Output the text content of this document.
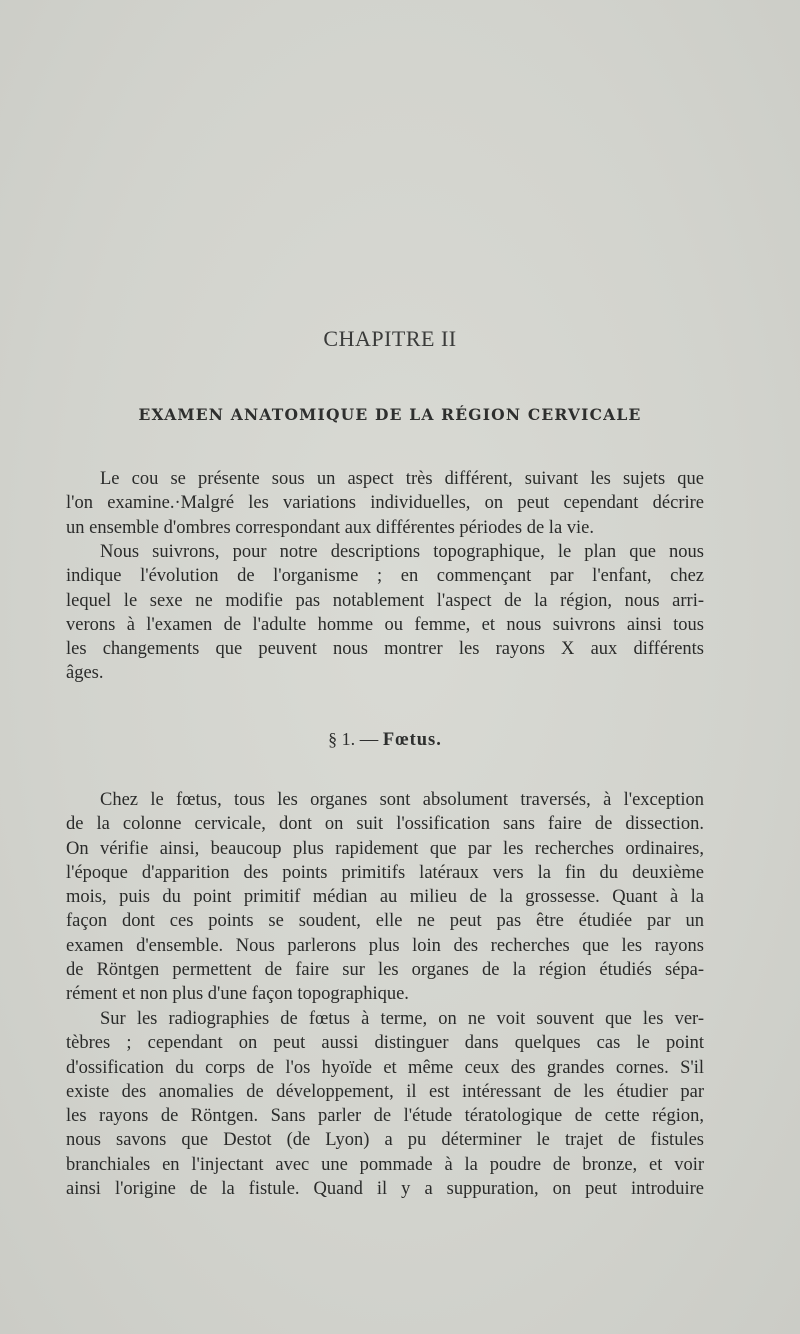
CHAPITRE II
EXAMEN ANATOMIQUE DE LA RÉGION CERVICALE
Le cou se présente sous un aspect très différent, suivant les sujets que
l'on examine.·Malgré les variations individuelles, on peut cependant décrire
un ensemble d'ombres correspondant aux différentes périodes de la vie.
Nous suivrons, pour notre descriptions topographique, le plan que nous
indique l'évolution de l'organisme ; en commençant par l'enfant, chez
lequel le sexe ne modifie pas notablement l'aspect de la région, nous arri-
verons à l'examen de l'adulte homme ou femme, et nous suivrons ainsi tous
les changements que peuvent nous montrer les rayons X aux différents
âges.
§ 1. — Fœtus.
Chez le fœtus, tous les organes sont absolument traversés, à l'exception
de la colonne cervicale, dont on suit l'ossification sans faire de dissection.
On vérifie ainsi, beaucoup plus rapidement que par les recherches ordinaires,
l'époque d'apparition des points primitifs latéraux vers la fin du deuxième
mois, puis du point primitif médian au milieu de la grossesse. Quant à la
façon dont ces points se soudent, elle ne peut pas être étudiée par un
examen d'ensemble. Nous parlerons plus loin des recherches que les rayons
de Röntgen permettent de faire sur les organes de la région étudiés sépa-
rément et non plus d'une façon topographique.
Sur les radiographies de fœtus à terme, on ne voit souvent que les ver-
tèbres ; cependant on peut aussi distinguer dans quelques cas le point
d'ossification du corps de l'os hyoïde et même ceux des grandes cornes. S'il
existe des anomalies de développement, il est intéressant de les étudier par
les rayons de Röntgen. Sans parler de l'étude tératologique de cette région,
nous savons que Destot (de Lyon) a pu déterminer le trajet de fistules
branchiales en l'injectant avec une pommade à la poudre de bronze, et voir
ainsi l'origine de la fistule. Quand il y a suppuration, on peut introduire
